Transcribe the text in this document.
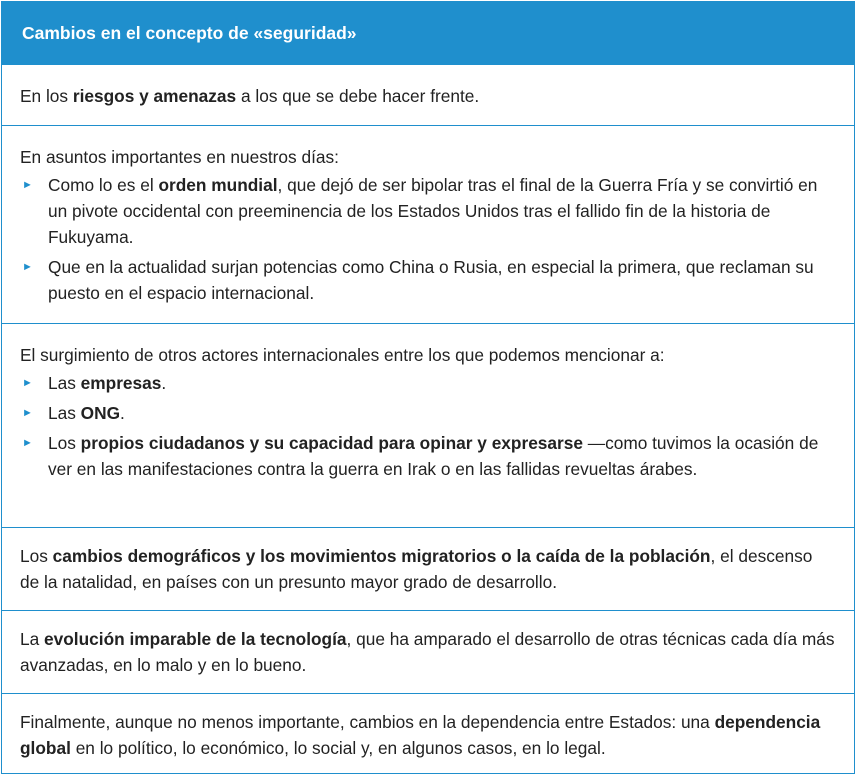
Cambios en el concepto de «seguridad»

En los riesgos y amenazas a los que se debe hacer frente.

En asuntos importantes en nuestros días:

► Como lo es el orden mundial, que dejó de ser bipolar tras el final de la Guerra Fría y se convirtió en un pivote occidental con preeminencia de los Estados Unidos tras el fallido fin de la historia de Fukuyama.
► Que en la actualidad surjan potencias como China o Rusia, en especial la primera, que reclaman su puesto en el espacio internacional.

El surgimiento de otros actores internacionales entre los que podemos mencionar a:

► Las empresas.
► Las ONG.
► Los propios ciudadanos y su capacidad para opinar y expresarse —como tuvimos la ocasión de ver en las manifestaciones contra la guerra en Irak o en las fallidas revueltas árabes.

Los cambios demográficos y los movimientos migratorios o la caída de la población, el descenso de la natalidad, en países con un presunto mayor grado de desarrollo.

La evolución imparable de la tecnología, que ha amparado el desarrollo de otras técnicas cada día más avanzadas, en lo malo y en lo bueno.

Finalmente, aunque no menos importante, cambios en la dependencia entre Estados: una dependencia global en lo político, lo económico, lo social y, en algunos casos, en lo legal.
